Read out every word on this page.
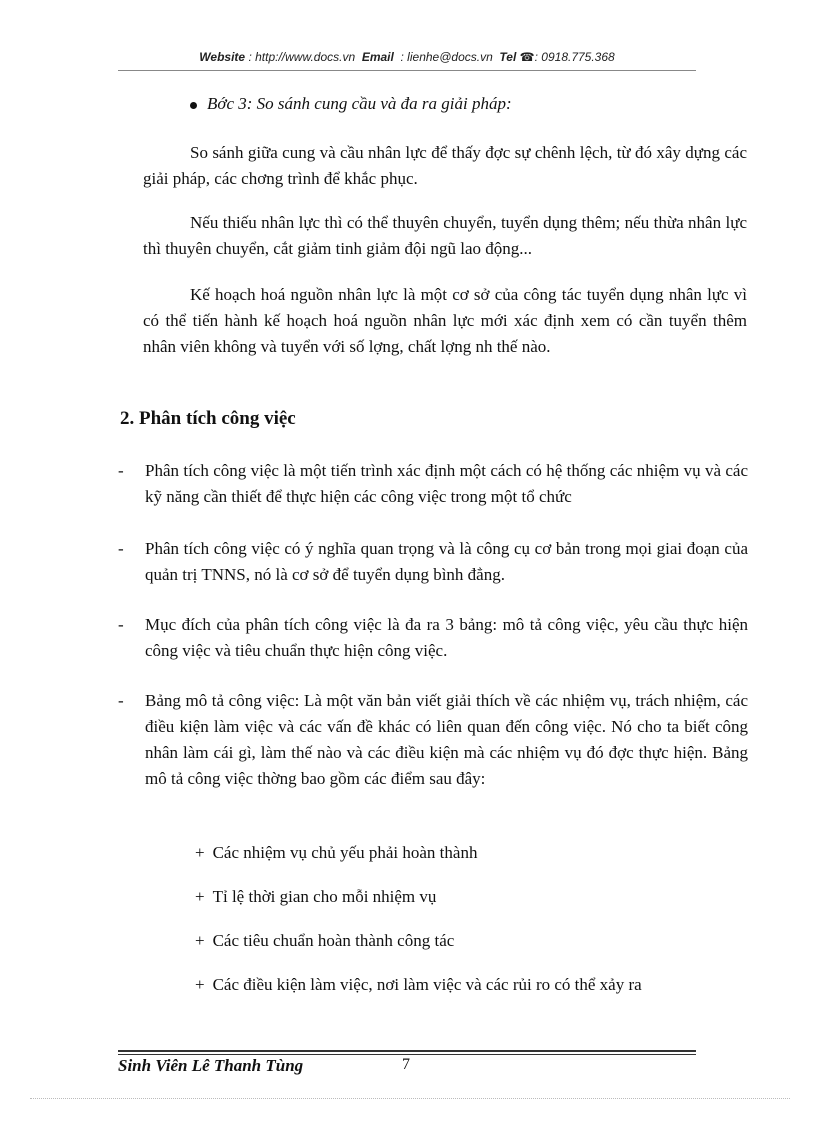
Website : http://www.docs.vn Email : lienhe@docs.vn Tel ☎: 0918.775.368
Bớc 3: So sánh cung cầu và đa ra giải pháp:
So sánh giữa cung và cầu nhân lực để thấy đợc sự chênh lệch, từ đó xây dựng các giải pháp, các chơng trình để khắc phục.
Nếu thiếu nhân lực thì có thể thuyên chuyển, tuyển dụng thêm; nếu thừa nhân lực thì thuyên chuyển, cắt giảm tinh giảm đội ngũ lao động...
Kế hoạch hoá nguồn nhân lực là một cơ sở của công tác tuyển dụng nhân lực vì có thể tiến hành kế hoạch hoá nguồn nhân lực mới xác định xem có cần tuyển thêm nhân viên không và tuyển với số lợng, chất lợng nh thế nào.
2. Phân tích công việc
- Phân tích công việc là một tiến trình xác định một cách có hệ thống các nhiệm vụ và các kỹ năng cần thiết để thực hiện các công việc trong một tổ chức
- Phân tích công việc có ý nghĩa quan trọng và là công cụ cơ bản trong mọi giai đoạn của quản trị TNNS, nó là cơ sở để tuyển dụng bình đẳng.
- Mục đích của phân tích công việc là đa ra 3 bảng: mô tả công việc, yêu cầu thực hiện công việc và tiêu chuẩn thực hiện công việc.
- Bảng mô tả công việc: Là một văn bản viết giải thích về các nhiệm vụ, trách nhiệm, các điều kiện làm việc và các vấn đề khác có liên quan đến công việc. Nó cho ta biết công nhân làm cái gì, làm thế nào và các điều kiện mà các nhiệm vụ đó đợc thực hiện. Bảng mô tả công việc thờng bao gồm các điểm sau đây:
+ Các nhiệm vụ chủ yếu phải hoàn thành
+ Tỉ lệ thời gian cho mỗi nhiệm vụ
+ Các tiêu chuẩn hoàn thành công tác
+ Các điều kiện làm việc, nơi làm việc và các rủi ro có thể xảy ra
Sinh Viên Lê Thanh Tùng	7
